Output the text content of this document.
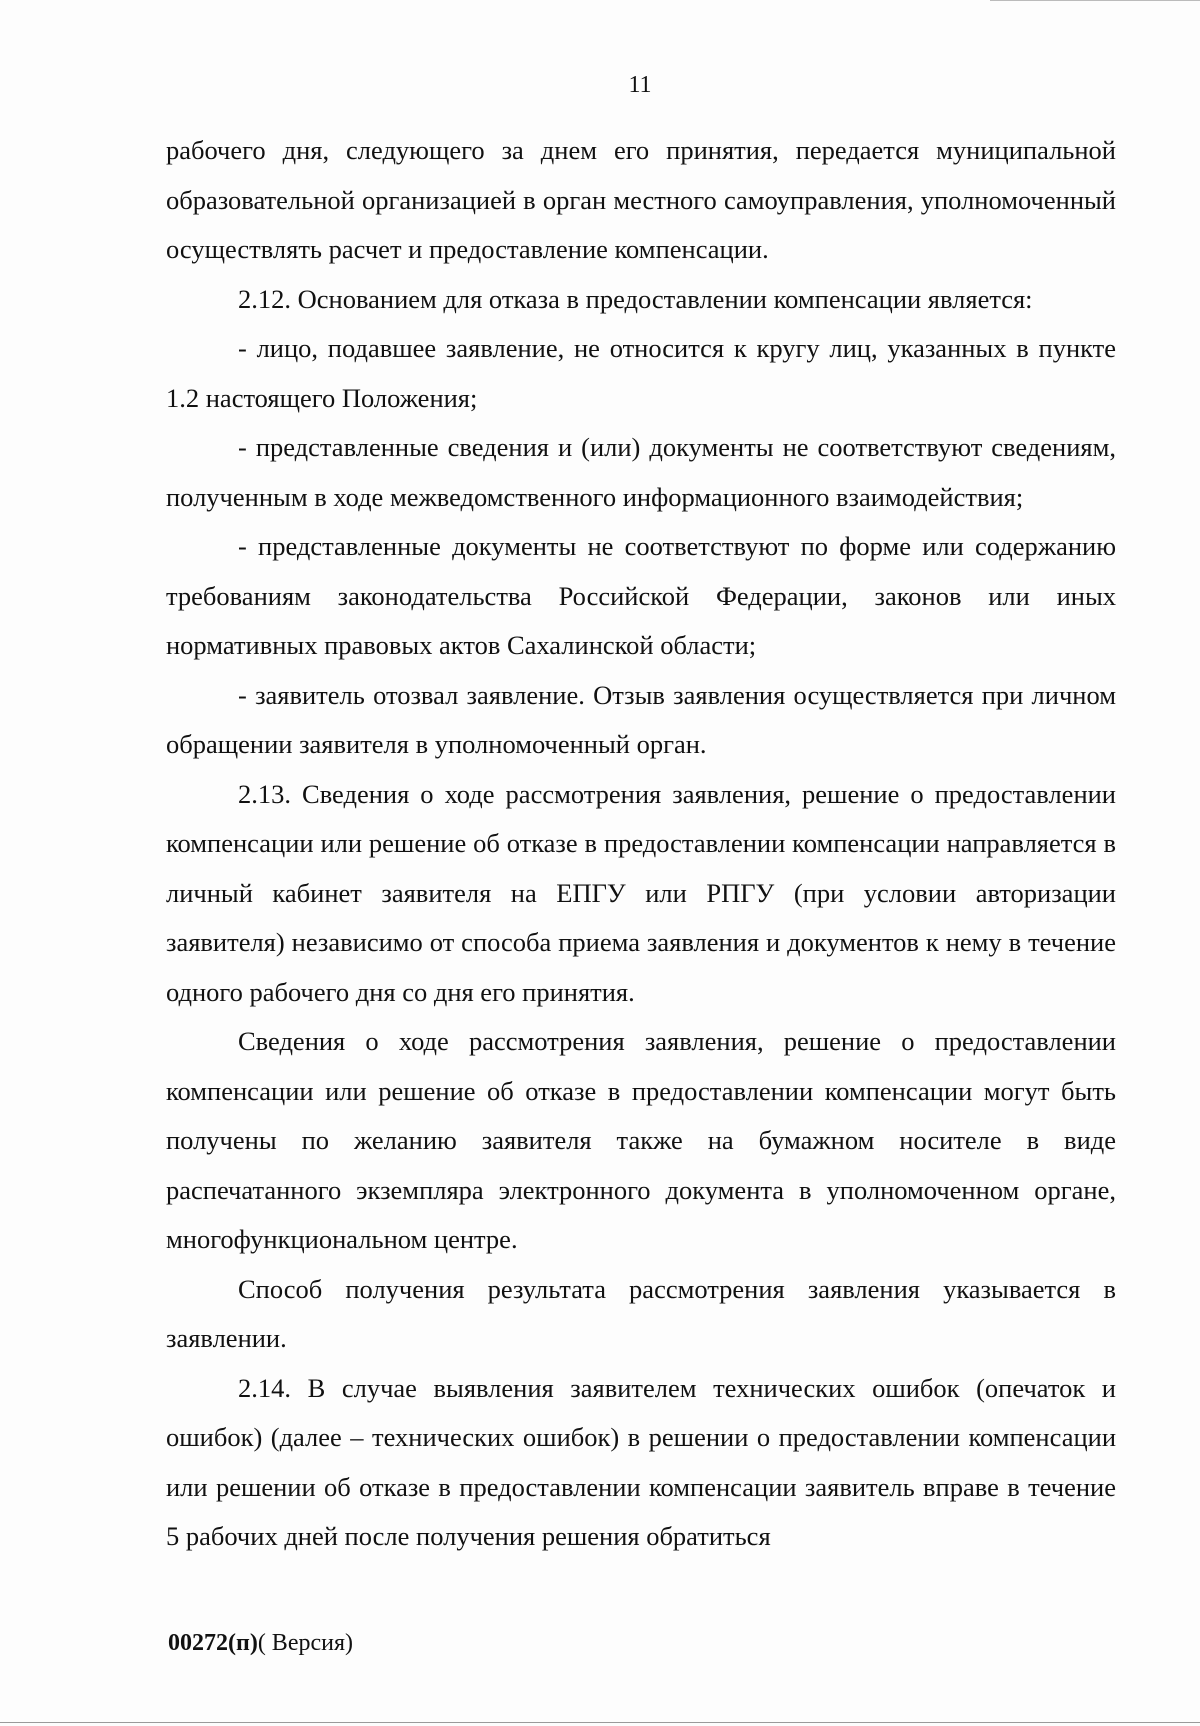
11

рабочего дня, следующего за днем его принятия, передается муниципальной образовательной организацией в орган местного самоуправления, уполномоченный осуществлять расчет и предоставление компенсации.

2.12. Основанием для отказа в предоставлении компенсации является:

- лицо, подавшее заявление, не относится к кругу лиц, указанных в пункте 1.2 настоящего Положения;

- представленные сведения и (или) документы не соответствуют сведениям, полученным в ходе межведомственного информационного взаимодействия;

- представленные документы не соответствуют по форме или содержанию требованиям законодательства Российской Федерации, законов или иных нормативных правовых актов Сахалинской области;

- заявитель отозвал заявление. Отзыв заявления осуществляется при личном обращении заявителя в уполномоченный орган.

2.13. Сведения о ходе рассмотрения заявления, решение о предоставлении компенсации или решение об отказе в предоставлении компенсации направляется в личный кабинет заявителя на ЕПГУ или РПГУ (при условии авторизации заявителя) независимо от способа приема заявления и документов к нему в течение одного рабочего дня со дня его принятия.

Сведения о ходе рассмотрения заявления, решение о предоставлении компенсации или решение об отказе в предоставлении компенсации могут быть получены по желанию заявителя также на бумажном носителе в виде распечатанного экземпляра электронного документа в уполномоченном органе, многофункциональном центре.

Способ получения результата рассмотрения заявления указывается в заявлении.

2.14. В случае выявления заявителем технических ошибок (опечаток и ошибок) (далее – технических ошибок) в решении о предоставлении компенсации или решении об отказе в предоставлении компенсации заявитель вправе в течение 5 рабочих дней после получения решения обратиться

00272(п)( Версия)
